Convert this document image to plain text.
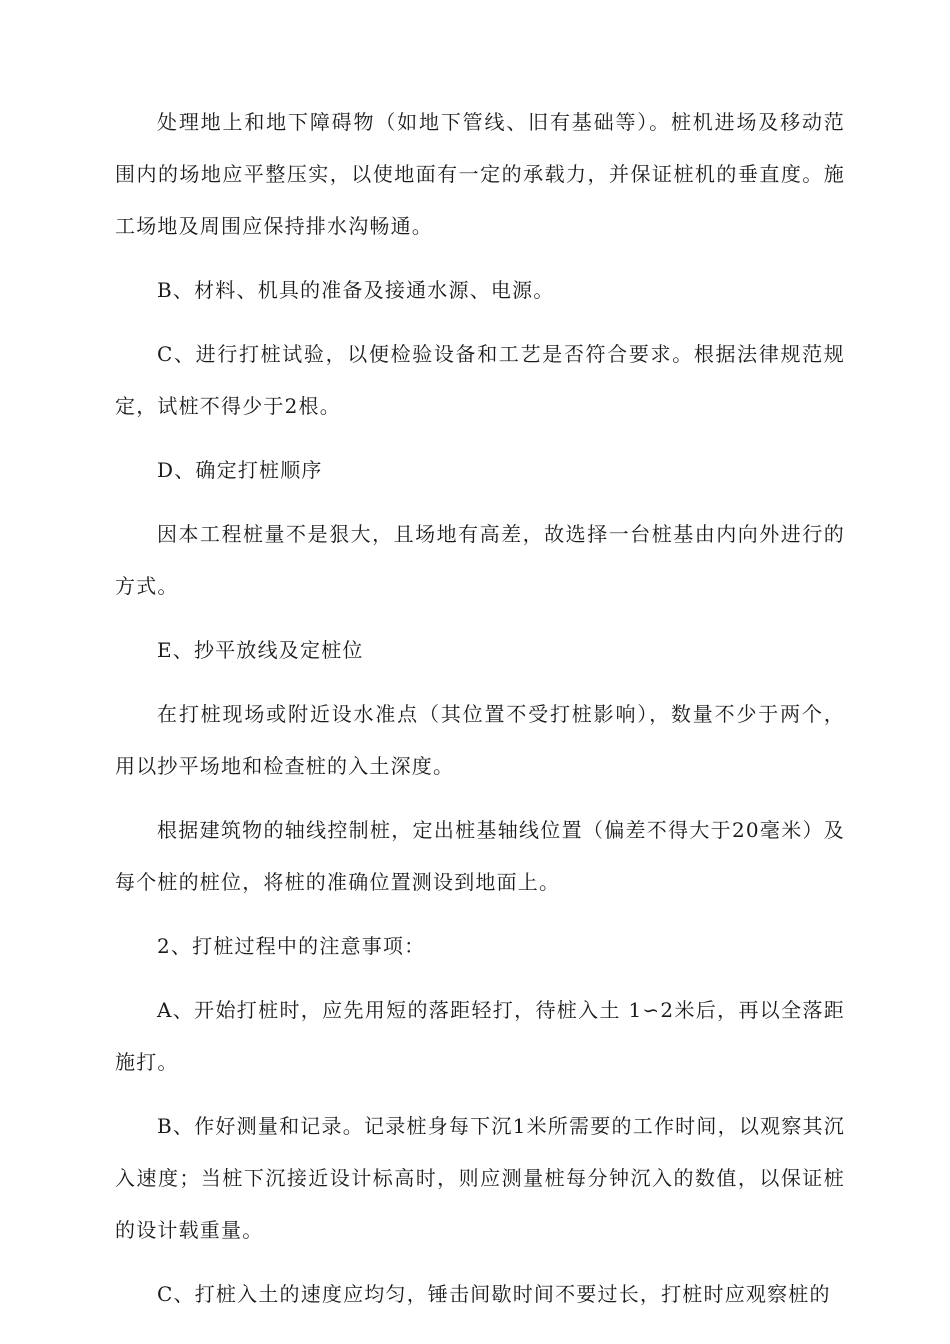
处理地上和地下障碍物（如地下管线、旧有基础等）。桩机进场及移动范围内的场地应平整压实，以使地面有一定的承载力，并保证桩机的垂直度。施工场地及周围应保持排水沟畅通。

B、材料、机具的准备及接通水源、电源。

C、进行打桩试验，以便检验设备和工艺是否符合要求。根据法律规范规定，试桩不得少于2根。

D、确定打桩顺序

因本工程桩量不是狠大，且场地有高差，故选择一台桩基由内向外进行的方式。

E、抄平放线及定桩位

在打桩现场或附近设水准点（其位置不受打桩影响），数量不少于两个，用以抄平场地和检查桩的入土深度。

根据建筑物的轴线控制桩，定出桩基轴线位置（偏差不得大于20毫米）及每个桩的桩位，将桩的准确位置测设到地面上。

2、打桩过程中的注意事项：

A、开始打桩时，应先用短的落距轻打，待桩入土 1∽2米后，再以全落距施打。

B、作好测量和记录。记录桩身每下沉1米所需要的工作时间，以观察其沉入速度；当桩下沉接近设计标高时，则应测量桩每分钟沉入的数值，以保证桩的设计载重量。

C、打桩入土的速度应均匀，锤击间歇时间不要过长，打桩时应观察桩的
